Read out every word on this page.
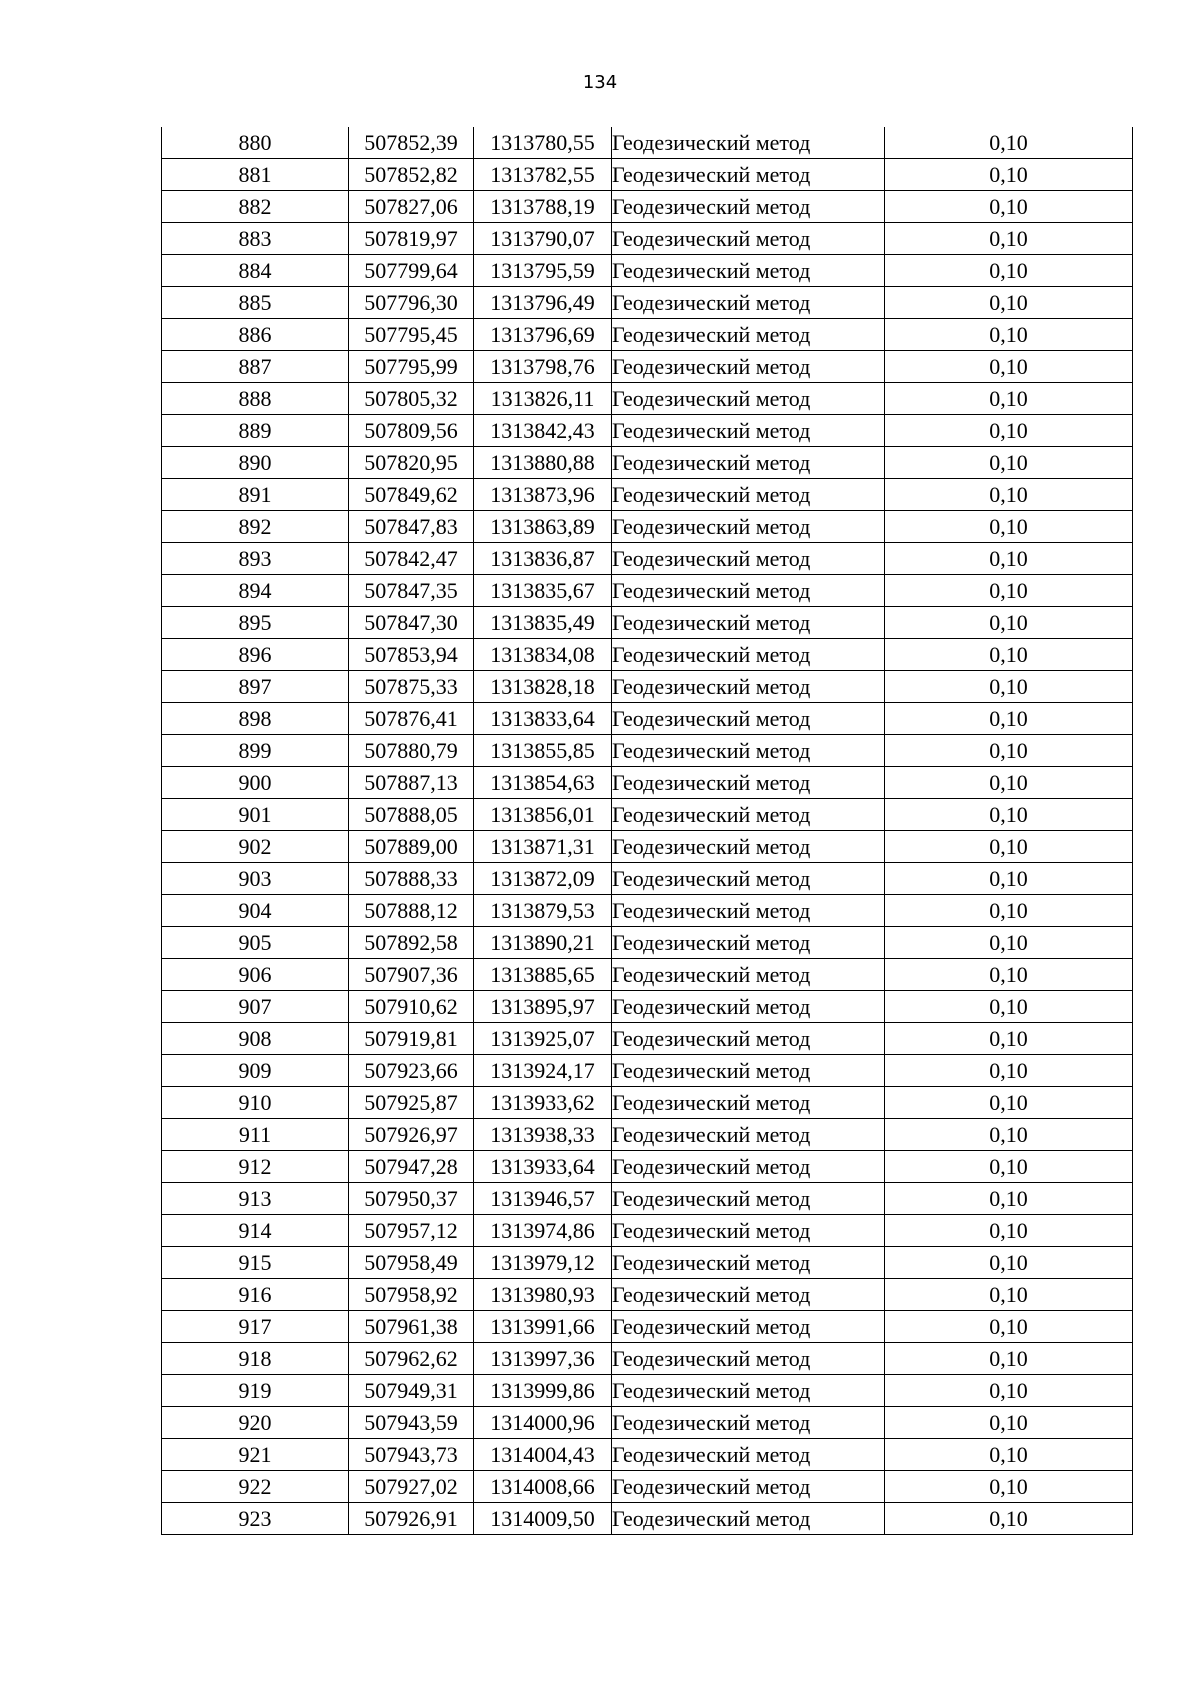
134
880	507852,39	1313780,55	Геодезический метод	0,10
881	507852,82	1313782,55	Геодезический метод	0,10
882	507827,06	1313788,19	Геодезический метод	0,10
883	507819,97	1313790,07	Геодезический метод	0,10
884	507799,64	1313795,59	Геодезический метод	0,10
885	507796,30	1313796,49	Геодезический метод	0,10
886	507795,45	1313796,69	Геодезический метод	0,10
887	507795,99	1313798,76	Геодезический метод	0,10
888	507805,32	1313826,11	Геодезический метод	0,10
889	507809,56	1313842,43	Геодезический метод	0,10
890	507820,95	1313880,88	Геодезический метод	0,10
891	507849,62	1313873,96	Геодезический метод	0,10
892	507847,83	1313863,89	Геодезический метод	0,10
893	507842,47	1313836,87	Геодезический метод	0,10
894	507847,35	1313835,67	Геодезический метод	0,10
895	507847,30	1313835,49	Геодезический метод	0,10
896	507853,94	1313834,08	Геодезический метод	0,10
897	507875,33	1313828,18	Геодезический метод	0,10
898	507876,41	1313833,64	Геодезический метод	0,10
899	507880,79	1313855,85	Геодезический метод	0,10
900	507887,13	1313854,63	Геодезический метод	0,10
901	507888,05	1313856,01	Геодезический метод	0,10
902	507889,00	1313871,31	Геодезический метод	0,10
903	507888,33	1313872,09	Геодезический метод	0,10
904	507888,12	1313879,53	Геодезический метод	0,10
905	507892,58	1313890,21	Геодезический метод	0,10
906	507907,36	1313885,65	Геодезический метод	0,10
907	507910,62	1313895,97	Геодезический метод	0,10
908	507919,81	1313925,07	Геодезический метод	0,10
909	507923,66	1313924,17	Геодезический метод	0,10
910	507925,87	1313933,62	Геодезический метод	0,10
911	507926,97	1313938,33	Геодезический метод	0,10
912	507947,28	1313933,64	Геодезический метод	0,10
913	507950,37	1313946,57	Геодезический метод	0,10
914	507957,12	1313974,86	Геодезический метод	0,10
915	507958,49	1313979,12	Геодезический метод	0,10
916	507958,92	1313980,93	Геодезический метод	0,10
917	507961,38	1313991,66	Геодезический метод	0,10
918	507962,62	1313997,36	Геодезический метод	0,10
919	507949,31	1313999,86	Геодезический метод	0,10
920	507943,59	1314000,96	Геодезический метод	0,10
921	507943,73	1314004,43	Геодезический метод	0,10
922	507927,02	1314008,66	Геодезический метод	0,10
923	507926,91	1314009,50	Геодезический метод	0,10
